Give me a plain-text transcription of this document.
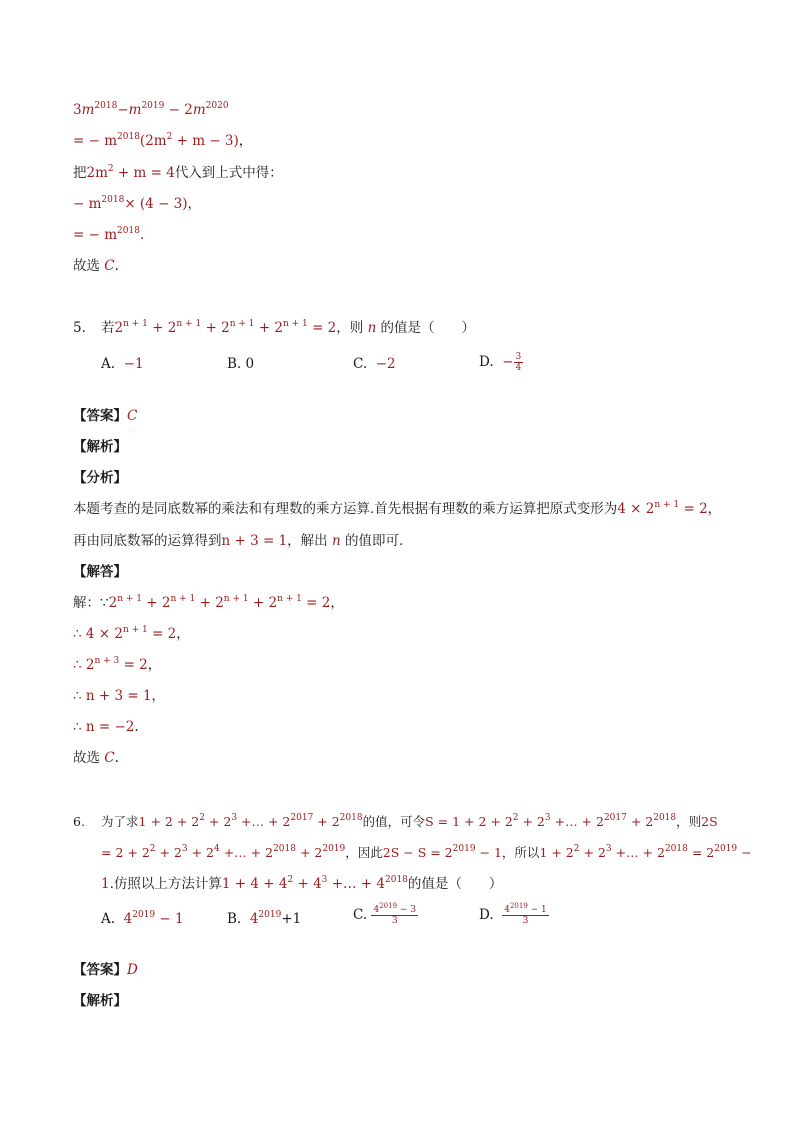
$3m^{2018}-m^{2019} - 2m^{2020}$
= − $m^{2018}(2m^2 + m - 3)$，
把$2m^2 + m = 4$代入到上式中得：
− $m^{2018}\times (4 - 3)$，
= − $m^{2018}$.
故选 C.
5. 若$2^{n + 1} + 2^{n + 1} + 2^{n + 1} + 2^{n + 1} = 2$，则 n 的值是（　　）
A. −1	B. 0	C. −2	D. − $\frac{3}{4}$
【答案】C
【解析】
【分析】
本题考查的是同底数幂的乘法和有理数的乘方运算.首先根据有理数的乘方运算把原式变形为$4 \times 2^{n + 1} = 2$，
再由同底数幂的运算得到n + 3 = 1，解出 n 的值即可.
【解答】
解：$\because 2^{n + 1} + 2^{n + 1} + 2^{n + 1} + 2^{n + 1} = 2$，
∴ $4 \times 2^{n + 1} = 2$，
∴ $2^{n + 3} = 2$，
∴ n + 3 = 1，
∴ n = −2.
故选 C.
6. 为了求$1 + 2 + 2^2 + 2^3$ +… + $2^{2017} + 2^{2018}$的值，可令$S = 1 + 2 + 2^2 + 2^3$ +… + $2^{2017} + 2^{2018}$，则2S
= $2 + 2^2 + 2^3 + 2^4$ +… + $2^{2018} + 2^{2019}$，因此$2S - S = 2^{2019} - 1$，所以$1 + 2^2 + 2^3$ +… + $2^{2018} = 2^{2019}$ −
1.仿照以上方法计算$1 + 4 + 4^2 + 4^3$ +… + $4^{2018}$的值是（　　）
A. $4^{2019} - 1$	B. $4^{2019}+1$	C. $\frac{4^{2019} - 3}{3}$	D. $\frac{4^{2019} - 1}{3}$
【答案】D
【解析】
